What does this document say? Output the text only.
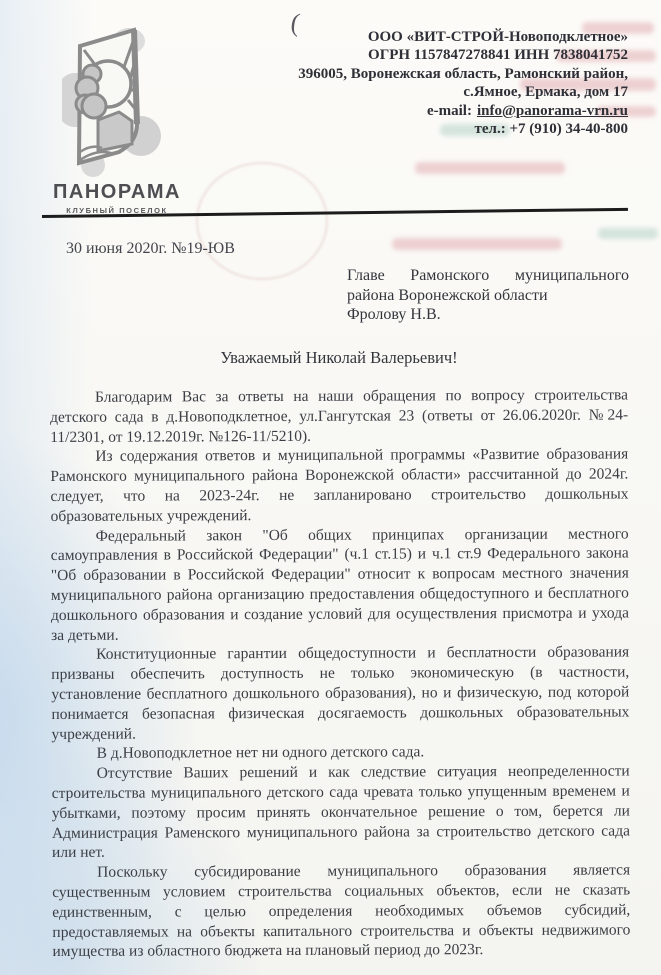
(
ПАНОРАМА
КЛУБНЫЙ ПОСЕЛОК
ООО «ВИТ-СТРОЙ-Новоподклетное»
ОГРН 1157847278841 ИНН 7838041752
396005, Воронежская область, Рамонский район,
с.Ямное, Ермака, дом 17
e-mail: info@panorama-vrn.ru
тел.: +7 (910) 34-40-800
30 июня 2020г. №19-ЮВ
Главе Рамонского муниципального
района Воронежской области
Фролову Н.В.
Уважаемый Николай Валерьевич!

Благодарим Вас за ответы на наши обращения по вопросу строительства детского сада в д.Новоподклетное, ул.Гангутская 23 (ответы от 26.06.2020г. №24-11/2301, от 19.12.2019г. №126-11/5210).

Из содержания ответов и муниципальной программы «Развитие образования Рамонского муниципального района Воронежской области» рассчитанной до 2024г. следует, что на 2023-24г. не запланировано строительство дошкольных образовательных учреждений.

Федеральный закон "Об общих принципах организации местного самоуправления в Российской Федерации" (ч.1 ст.15) и ч.1 ст.9 Федерального закона "Об образовании в Российской Федерации" относит к вопросам местного значения муниципального района организацию предоставления общедоступного и бесплатного дошкольного образования и создание условий для осуществления присмотра и ухода за детьми.

Конституционные гарантии общедоступности и бесплатности образования призваны обеспечить доступность не только экономическую (в частности, установление бесплатного дошкольного образования), но и физическую, под которой понимается безопасная физическая досягаемость дошкольных образовательных учреждений.

В д.Новоподклетное нет ни одного детского сада.

Отсутствие Ваших решений и как следствие ситуация неопределенности строительства муниципального детского сада чревата только упущенным временем и убытками, поэтому просим принять окончательное решение о том, берется ли Администрация Раменского муниципального района за строительство детского сада или нет.

Поскольку субсидирование муниципального образования является существенным условием строительства социальных объектов, если не сказать единственным, с целью определения необходимых объемов субсидий, предоставляемых на объекты капитального строительства и объекты недвижимого имущества из областного бюджета на плановый период до 2023г.
